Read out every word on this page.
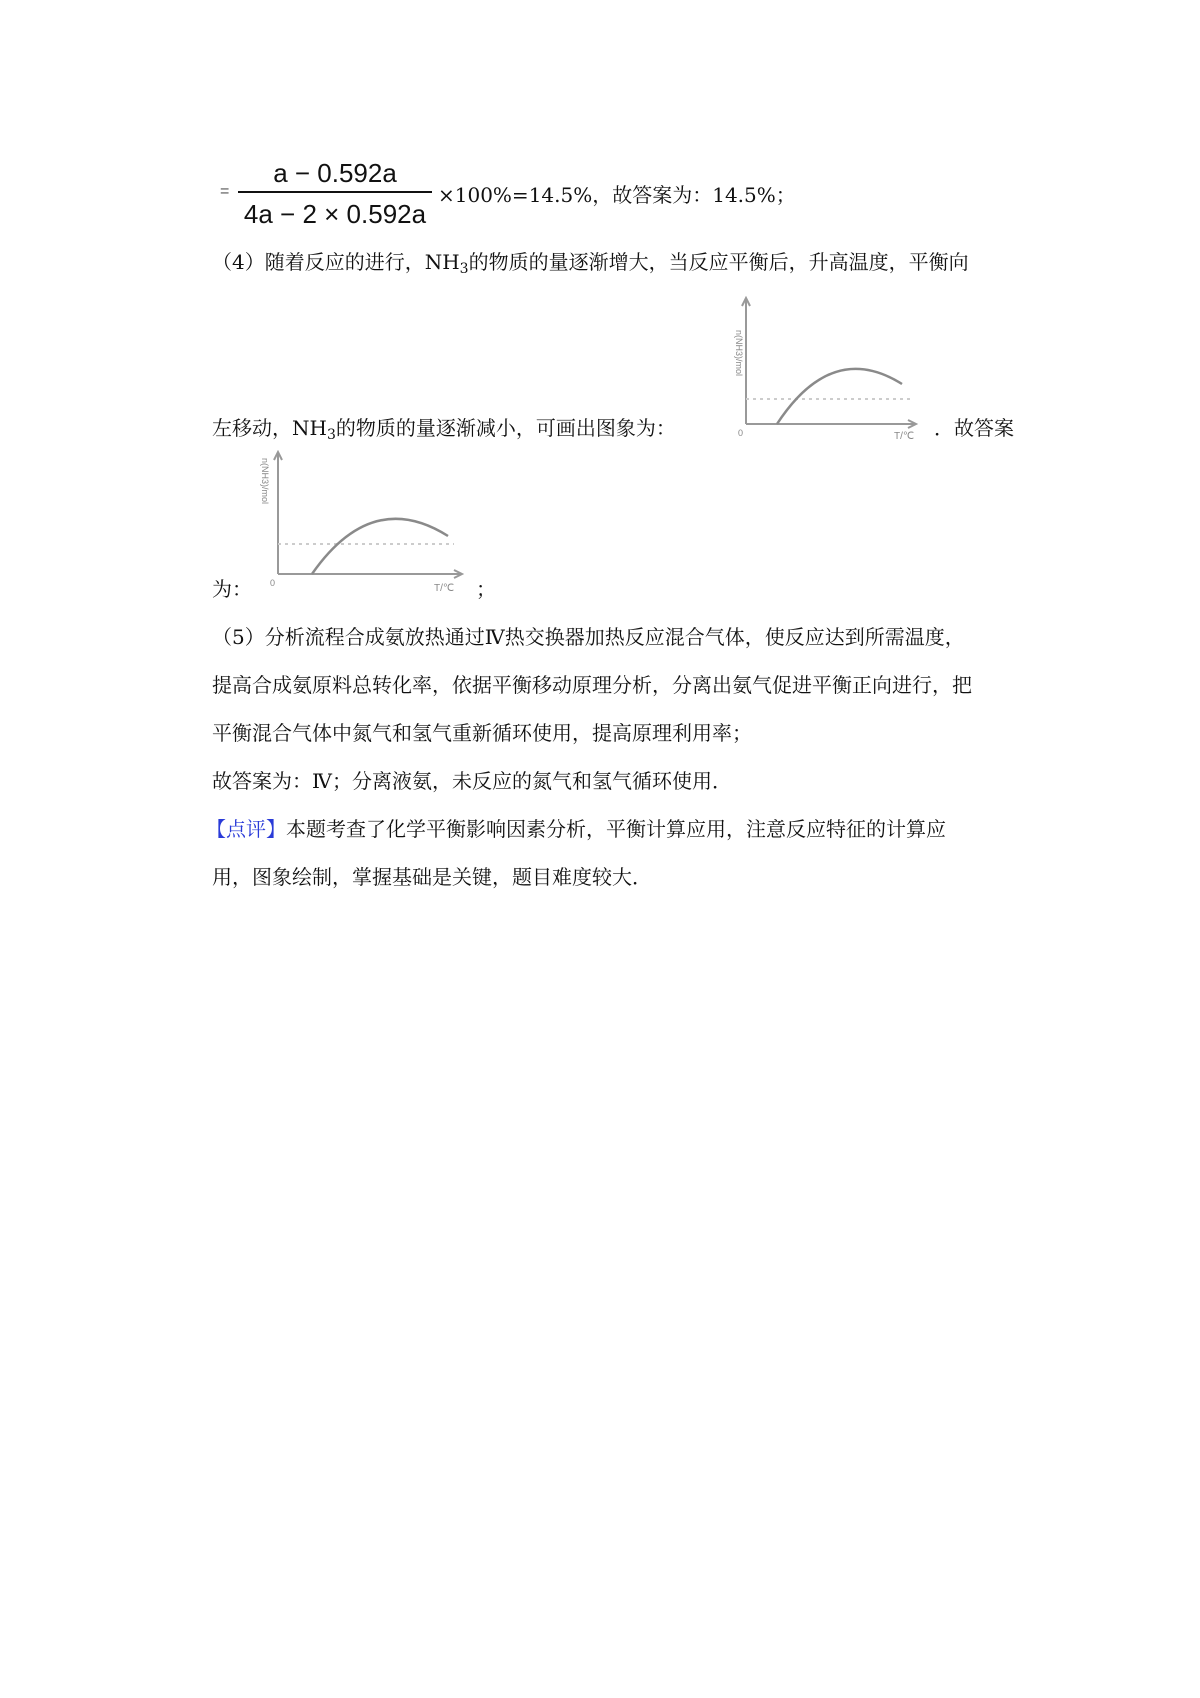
=
a − 0.592a
4a − 2 × 0.592a
×100%=14.5%，故答案为：14.5%；
（4）随着反应的进行，$NH_3$的物质的量逐渐增大，当反应平衡后，升高温度，平衡向
n(NH3)/mol
0	T/℃
左移动，$NH_3$的物质的量逐渐减小，可画出图象为：	．故答案
n(NH3)/mol
0	T/℃
为：	；
（5）分析流程合成氨放热通过Ⅳ热交换器加热反应混合气体，使反应达到所需温度，
提高合成氨原料总转化率，依据平衡移动原理分析，分离出氨气促进平衡正向进行，把
平衡混合气体中氮气和氢气重新循环使用，提高原理利用率；
故答案为：Ⅳ；分离液氨，未反应的氮气和氢气循环使用．
【点评】本题考查了化学平衡影响因素分析，平衡计算应用，注意反应特征的计算应
用，图象绘制，掌握基础是关键，题目难度较大．
